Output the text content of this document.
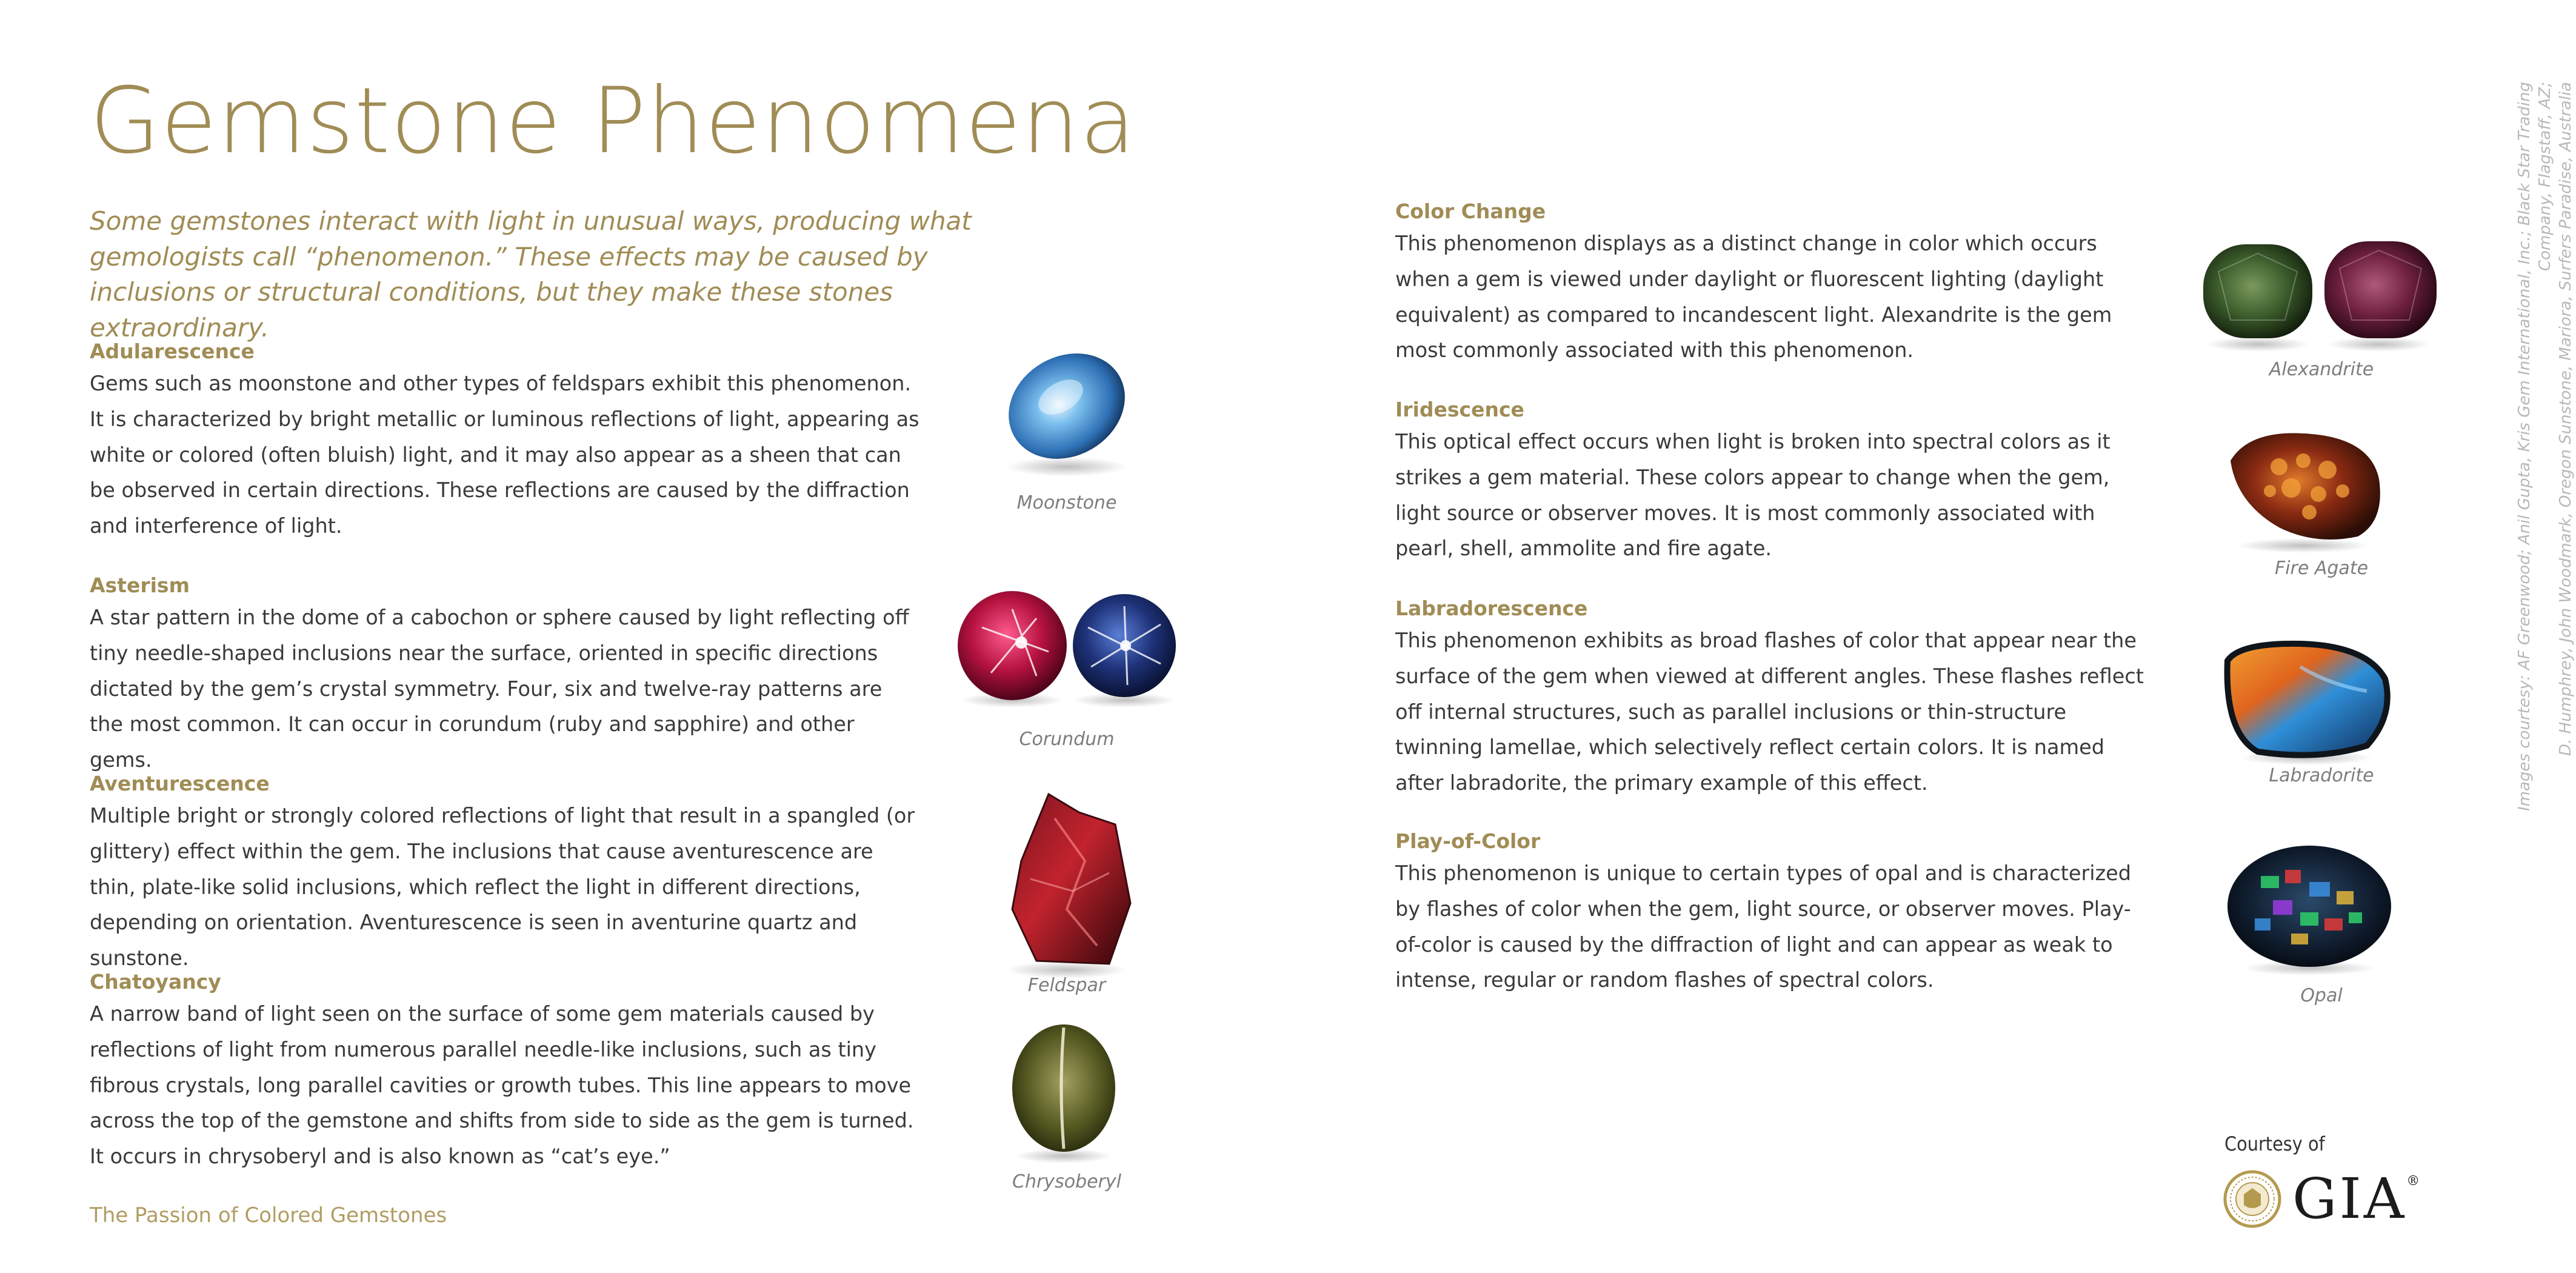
Gemstone Phenomena
Some gemstones interact with light in unusual ways, producing what gemologists call “phenomenon.” These effects may be caused by inclusions or structural conditions, but they make these stones extraordinary.
Adularescence

Gems such as moonstone and other types of feldspars exhibit this phenomenon. It is characterized by bright metallic or luminous reflections of light, appearing as white or colored (often bluish) light, and it may also appear as a sheen that can be observed in certain directions. These reflections are caused by the diffraction and interference of light.

Asterism

A star pattern in the dome of a cabochon or sphere caused by light reflecting off tiny needle-shaped inclusions near the surface, oriented in specific directions dictated by the gem’s crystal symmetry. Four, six and twelve-ray patterns are the most common. It can occur in corundum (ruby and sapphire) and other gems.

Aventurescence

Multiple bright or strongly colored reflections of light that result in a spangled (or glittery) effect within the gem. The inclusions that cause aventurescence are thin, plate-like solid inclusions, which reflect the light in different directions, depending on orientation. Aventurescence is seen in aventurine quartz and sunstone.

Chatoyancy

A narrow band of light seen on the surface of some gem materials caused by reflections of light from numerous parallel needle-like inclusions, such as tiny fibrous crystals, long parallel cavities or growth tubes. This line appears to move across the top of the gemstone and shifts from side to side as the gem is turned. It occurs in chrysoberyl and is also known as “cat’s eye.”

Color Change

This phenomenon displays as a distinct change in color which occurs when a gem is viewed under daylight or fluorescent lighting (daylight equivalent) as compared to incandescent light. Alexandrite is the gem most commonly associated with this phenomenon.

Iridescence

This optical effect occurs when light is broken into spectral colors as it strikes a gem material. These colors appear to change when the gem, light source or observer moves. It is most commonly associated with pearl, shell, ammolite and fire agate.

Labradorescence

This phenomenon exhibits as broad flashes of color that appear near the surface of the gem when viewed at different angles. These flashes reflect off internal structures, such as parallel inclusions or thin-structure twinning lamellae, which selectively reflect certain colors. It is named after labradorite, the primary example of this effect.

Play-of-Color

This phenomenon is unique to certain types of opal and is characterized by flashes of color when the gem, light source, or observer moves. Play-of-color is caused by the diffraction of light and can appear as weak to intense, regular or random flashes of spectral colors.

Moonstone
Corundum
Feldspar
Chrysoberyl
Alexandrite
Fire Agate
Labradorite
Opal
Images courtesy: AF Greenwood; Anil Gupta, Kris Gem International, Inc.; Black Star Trading Company, Flagstaff, AZ; D. Humphrey, John Woodmark, Oregon Sunstone, Mariora, Surfers Paradise, Australia
The Passion of Colored Gemstones
Courtesy of
GIA®
